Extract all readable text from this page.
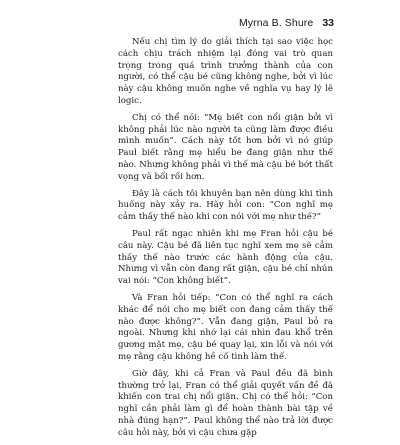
Myrna B. Shure 33

Nếu chị tìm lý do giải thích tại sao việc học cách chịu trách nhiệm lại đóng vai trò quan trọng trong quá trình trưởng thành của con người, có thể cậu bé cũng không nghe, bởi vì lúc này cậu không muốn nghe về nghĩa vụ hay lý lẽ logic.

Chị có thể nói: “Mẹ biết con nổi giận bởi vì không phải lúc nào người ta cũng làm được điều mình muốn”. Cách này tốt hơn bởi vì nó giúp Paul biết rằng mẹ hiểu be đang giận như thế nào. Nhưng không phải vì thế mà cậu bé bớt thất vọng và bối rối hơn.

Đây là cách tôi khuyên bạn nên dùng khi tình huống này xảy ra. Hãy hỏi con: “Con nghĩ mẹ cảm thấy thế nào khi con nói với mẹ như thế?”

Paul rất ngạc nhiên khi mẹ Fran hỏi cậu bé câu này. Cậu bé đã liên tục nghĩ xem mẹ sẽ cảm thấy thế nào trước các hành động của cậu. Nhưng vì vẫn còn đang rất giận, cậu bé chỉ nhún vai nói: “Con không biết”.

Và Fran hỏi tiếp: “Con có thể nghĩ ra cách khác để nói cho mẹ biết con đang cảm thấy thế nào được không?”. Vẫn đang giận, Paul bỏ ra ngoài. Nhưng khi nhớ lại cái nhìn đau khổ trên gương mặt mẹ, cậu bé quay lại, xin lỗi và nói với mẹ rằng cậu không hề cố tình làm thế.

Giờ đây, khi cả Fran và Paul đều đã bình thường trở lại, Fran có thể giải quyết vấn đề đã khiến con trai chị nổi giận. Chị có thể hỏi: “Con nghĩ cần phải làm gì để hoàn thành bài tập về nhà đúng hạn?”. Paul không thể nào trả lời được câu hỏi này, bởi vì cậu chưa gặp
